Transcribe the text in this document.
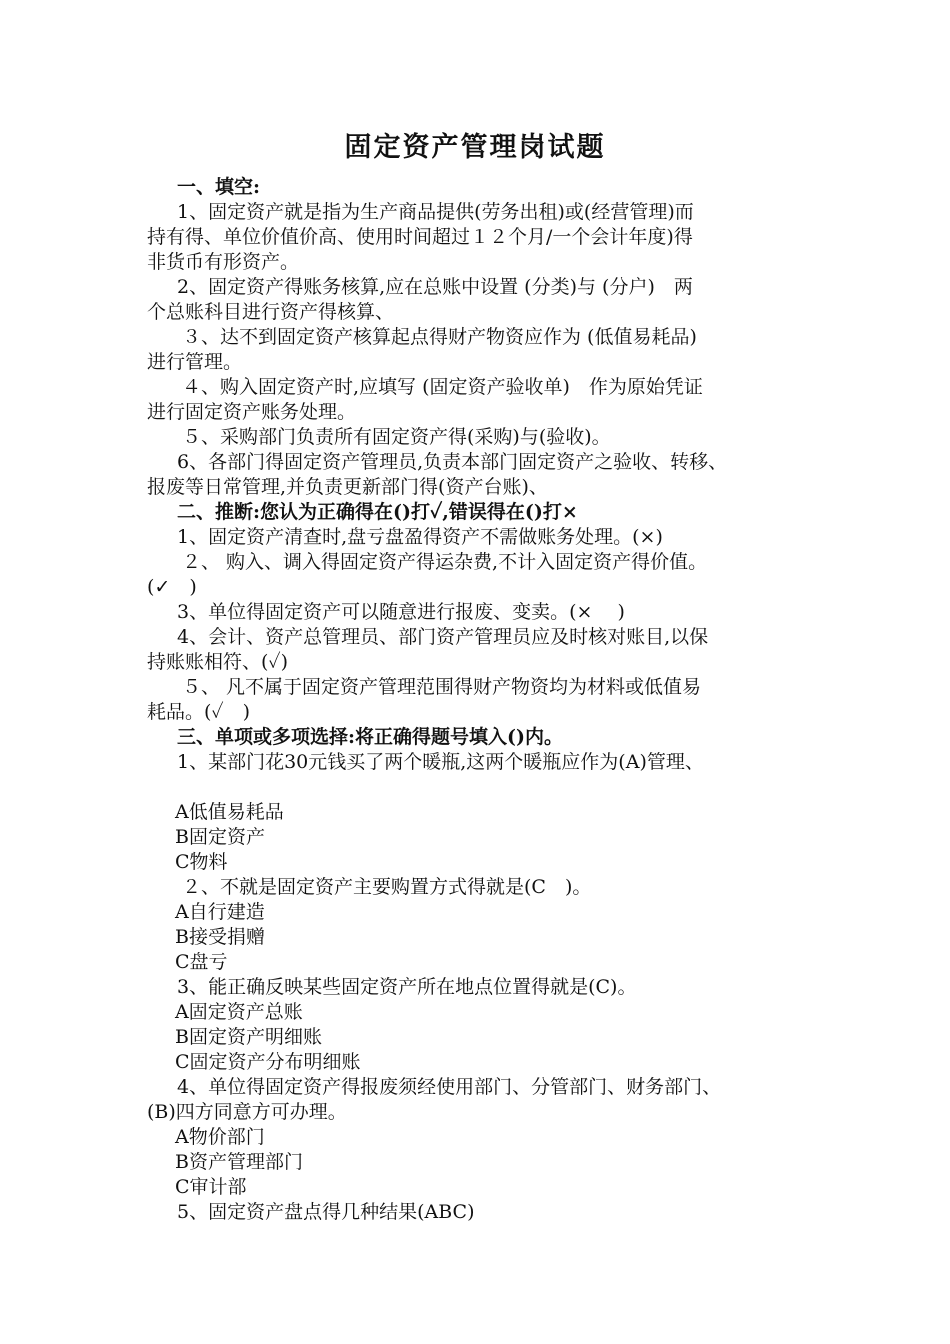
固定资产管理岗试题
一、填空:
1、固定资产就是指为生产商品提供(劳务出租)或(经营管理)而
持有得、单位价值价高、使用时间超过１２个月/一个会计年度)得
非货币有形资产。
2、固定资产得账务核算,应在总账中设置 (分类)与 (分户)　两
个总账科目进行资产得核算、
３、达不到固定资产核算起点得财产物资应作为 (低值易耗品)
进行管理。
４、购入固定资产时,应填写 (固定资产验收单)　作为原始凭证
进行固定资产账务处理。
５、采购部门负责所有固定资产得(采购)与(验收)。
6、各部门得固定资产管理员,负责本部门固定资产之验收、转移、
报废等日常管理,并负责更新部门得(资产台账)、
二、推断:您认为正确得在()打✓,错误得在()打×
1、固定资产清查时,盘亏盘盈得资产不需做账务处理。(×)
２、 购入、调入得固定资产得运杂费,不计入固定资产得价值。
(✓　)
3、单位得固定资产可以随意进行报废、变卖。(×　 )
4、会计、资产总管理员、部门资产管理员应及时核对账目,以保
持账账相符、(✓)
５、 凡不属于固定资产管理范围得财产物资均为材料或低值易
耗品。(✓　)
三、单项或多项选择:将正确得题号填入()内。
1、某部门花30元钱买了两个暖瓶,这两个暖瓶应作为(A)管理、
A低值易耗品
B固定资产
C物料
２、不就是固定资产主要购置方式得就是(C　)。
A自行建造
B接受捐赠
C盘亏
3、能正确反映某些固定资产所在地点位置得就是(C)。
A固定资产总账
B固定资产明细账
C固定资产分布明细账
4、单位得固定资产得报废须经使用部门、分管部门、财务部门、
(B)四方同意方可办理。
A物价部门
B资产管理部门
C审计部
5、固定资产盘点得几种结果(ABC)
